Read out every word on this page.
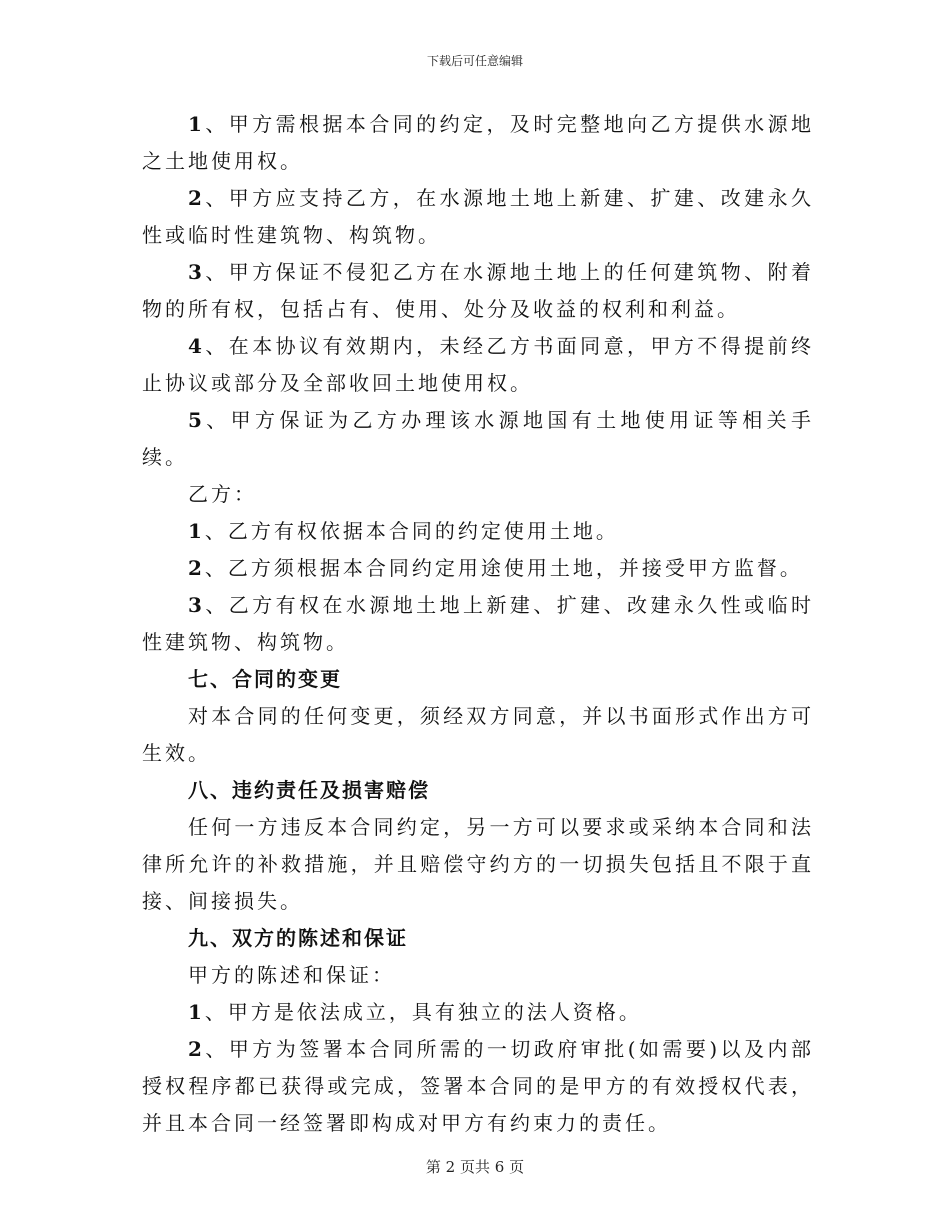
下载后可任意编辑

1、甲方需根据本合同的约定，及时完整地向乙方提供水源地之土地使用权。

2、甲方应支持乙方，在水源地土地上新建、扩建、改建永久性或临时性建筑物、构筑物。

3、甲方保证不侵犯乙方在水源地土地上的任何建筑物、附着物的所有权，包括占有、使用、处分及收益的权利和利益。

4、在本协议有效期内，未经乙方书面同意，甲方不得提前终止协议或部分及全部收回土地使用权。

5、甲方保证为乙方办理该水源地国有土地使用证等相关手续。

乙方：

1、乙方有权依据本合同的约定使用土地。

2、乙方须根据本合同约定用途使用土地，并接受甲方监督。

3、乙方有权在水源地土地上新建、扩建、改建永久性或临时性建筑物、构筑物。

七、合同的变更

对本合同的任何变更，须经双方同意，并以书面形式作出方可生效。

八、违约责任及损害赔偿

任何一方违反本合同约定，另一方可以要求或采纳本合同和法律所允许的补救措施，并且赔偿守约方的一切损失包括且不限于直接、间接损失。

九、双方的陈述和保证

甲方的陈述和保证：

1、甲方是依法成立，具有独立的法人资格。

2、甲方为签署本合同所需的一切政府审批(如需要)以及内部授权程序都已获得或完成，签署本合同的是甲方的有效授权代表，并且本合同一经签署即构成对甲方有约束力的责任。

第 2 页共 6 页
